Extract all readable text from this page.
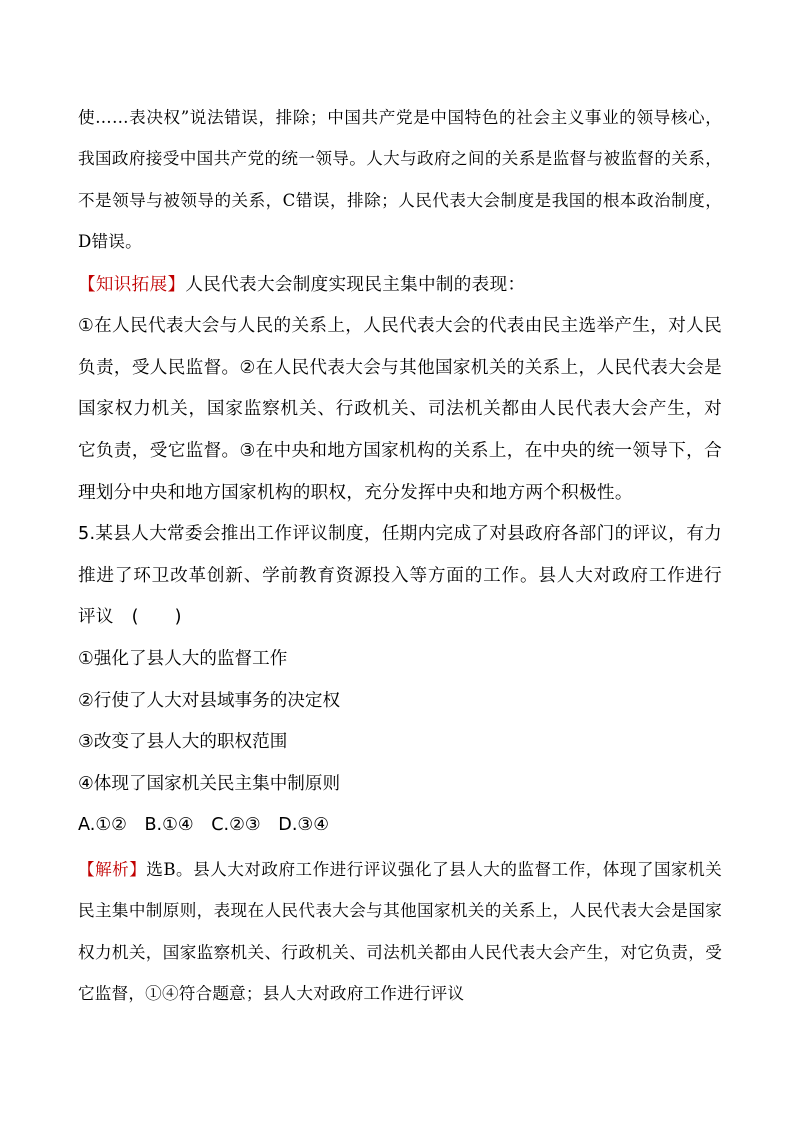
使……表决权”说法错误，排除；中国共产党是中国特色的社会主义事业的领导核心，我国政府接受中国共产党的统一领导。人大与政府之间的关系是监督与被监督的关系，不是领导与被领导的关系，C错误，排除；人民代表大会制度是我国的根本政治制度，D错误。
【知识拓展】人民代表大会制度实现民主集中制的表现：
①在人民代表大会与人民的关系上，人民代表大会的代表由民主选举产生，对人民负责，受人民监督。②在人民代表大会与其他国家机关的关系上，人民代表大会是国家权力机关，国家监察机关、行政机关、司法机关都由人民代表大会产生，对它负责，受它监督。③在中央和地方国家机构的关系上，在中央的统一领导下，合理划分中央和地方国家机构的职权，充分发挥中央和地方两个积极性。
5.某县人大常委会推出工作评议制度，任期内完成了对县政府各部门的评议，有力推进了环卫改革创新、学前教育资源投入等方面的工作。县人大对政府工作进行评议　(　　)
①强化了县人大的监督工作
②行使了人大对县域事务的决定权
③改变了县人大的职权范围
④体现了国家机关民主集中制原则
A.①②　B.①④　C.②③　D.③④
【解析】选B。县人大对政府工作进行评议强化了县人大的监督工作，体现了国家机关民主集中制原则，表现在人民代表大会与其他国家机关的关系上，人民代表大会是国家权力机关，国家监察机关、行政机关、司法机关都由人民代表大会产生，对它负责，受它监督，①④符合题意；县人大对政府工作进行评议
